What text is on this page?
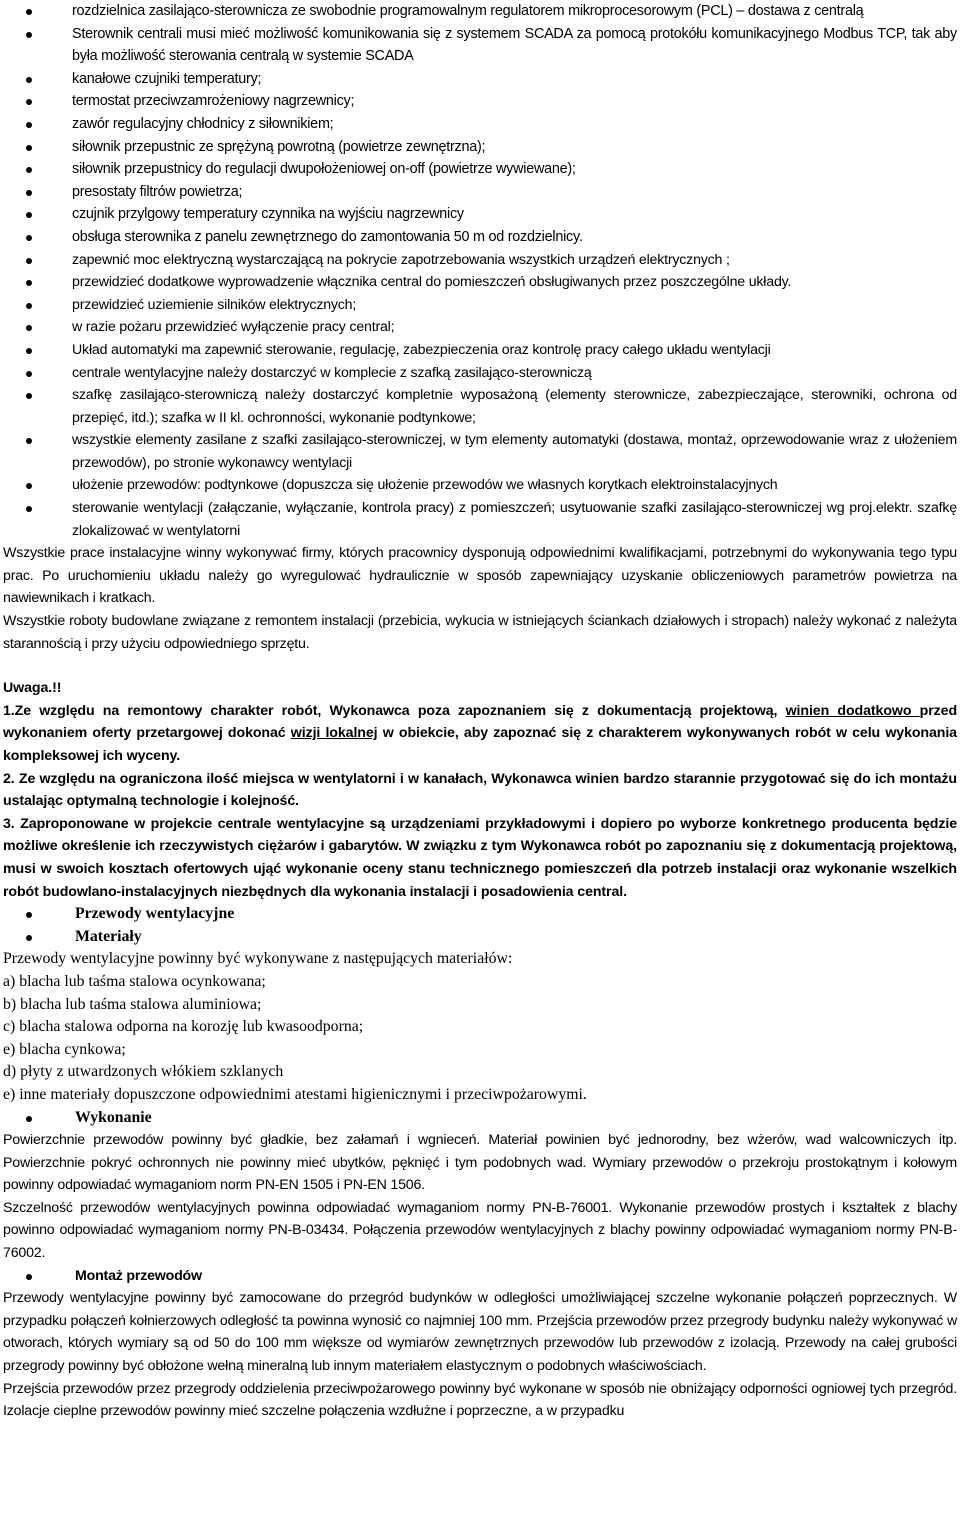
rozdzielnica zasilająco-sterownicza ze swobodnie programowalnym regulatorem mikroprocesorowym (PCL) – dostawa z centralą
Sterownik centrali musi mieć możliwość komunikowania się z systemem SCADA za pomocą protokółu komunikacyjnego Modbus TCP, tak aby była możliwość sterowania centralą w systemie SCADA
kanałowe czujniki temperatury;
termostat przeciwzamrożeniowy nagrzewnicy;
zawór regulacyjny chłodnicy z siłownikiem;
siłownik przepustnic ze sprężyną powrotną (powietrze zewnętrzna);
siłownik przepustnicy do regulacji dwupołożeniowej on-off (powietrze wywiewane);
presostaty filtrów powietrza;
czujnik przylgowy temperatury czynnika na wyjściu nagrzewnicy
obsługa sterownika z panelu zewnętrznego do zamontowania 50 m od rozdzielnicy.
zapewnić moc elektryczną wystarczającą na pokrycie zapotrzebowania wszystkich urządzeń elektrycznych ;
przewidzieć dodatkowe wyprowadzenie włącznika central do pomieszczeń obsługiwanych przez poszczególne układy.
przewidzieć uziemienie silników elektrycznych;
w razie pożaru przewidzieć wyłączenie pracy central;
Układ automatyki ma zapewnić sterowanie, regulację, zabezpieczenia oraz kontrolę pracy całego układu wentylacji
centrale wentylacyjne należy dostarczyć w komplecie z szafką zasilająco-sterowniczą
szafkę zasilająco-sterowniczą należy dostarczyć kompletnie wyposażoną (elementy sterownicze, zabezpieczające, sterowniki, ochrona od przepięć, itd.); szafka w II kl. ochronności, wykonanie podtynkowe;
wszystkie elementy zasilane z szafki zasilająco-sterowniczej, w tym elementy automatyki (dostawa, montaż, oprzewodowanie wraz z ułożeniem przewodów), po stronie wykonawcy wentylacji
ułożenie przewodów: podtynkowe (dopuszcza się ułożenie przewodów we własnych korytkach elektroinstalacyjnych
sterowanie wentylacji (załączanie, wyłączanie, kontrola pracy) z pomieszczeń; usytuowanie szafki zasilająco-sterowniczej wg proj.elektr. szafkę zlokalizować w wentylatorni

Wszystkie prace instalacyjne winny wykonywać firmy, których pracownicy dysponują odpowiednimi kwalifikacjami, potrzebnymi do wykonywania tego typu prac. Po uruchomieniu układu należy go wyregulować hydraulicznie w sposób zapewniający uzyskanie obliczeniowych parametrów powietrza na nawiewnikach i kratkach.

Wszystkie roboty budowlane związane z remontem instalacji (przebicia, wykucia w istniejących ściankach działowych i stropach) należy wykonać z należyta starannością i przy użyciu odpowiedniego sprzętu.

Uwaga.!!

1.Ze względu na remontowy charakter robót, Wykonawca poza zapoznaniem się z dokumentacją projektową, winien dodatkowo przed wykonaniem oferty przetargowej dokonać wizji lokalnej w obiekcie, aby zapoznać się z charakterem wykonywanych robót w celu wykonania kompleksowej ich wyceny.

2. Ze względu na ograniczona ilość miejsca w wentylatorni i w kanałach, Wykonawca winien bardzo starannie przygotować się do ich montażu ustalając optymalną technologie i kolejność.

3. Zaproponowane w projekcie centrale wentylacyjne są urządzeniami przykładowymi i dopiero po wyborze konkretnego producenta będzie możliwe określenie ich rzeczywistych ciężarów i gabarytów. W związku z tym Wykonawca robót po zapoznaniu się z dokumentacją projektową, musi w swoich kosztach ofertowych ująć wykonanie oceny stanu technicznego pomieszczeń dla potrzeb instalacji oraz wykonanie wszelkich robót budowlano-instalacyjnych niezbędnych dla wykonania instalacji i posadowienia central.

Przewody wentylacyjne
Materiały

Przewody wentylacyjne powinny być wykonywane z następujących materiałów:

a) blacha lub taśma stalowa ocynkowana;

b) blacha lub taśma stalowa aluminiowa;

c) blacha stalowa odporna na korozję lub kwasoodporna;

e) blacha cynkowa;

d) płyty z utwardzonych włókiem szklanych

e) inne materiały dopuszczone odpowiednimi atestami higienicznymi i przeciwpożarowymi.

Wykonanie

Powierzchnie przewodów powinny być gładkie, bez załamań i wgnieceń. Materiał powinien być jednorodny, bez wżerów, wad walcowniczych itp. Powierzchnie pokryć ochronnych nie powinny mieć ubytków, pęknięć i tym podobnych wad. Wymiary przewodów o przekroju prostokątnym i kołowym powinny odpowiadać wymaganiom norm PN-EN 1505 i PN-EN 1506.

Szczelność przewodów wentylacyjnych powinna odpowiadać wymaganiom normy PN-B-76001. Wykonanie przewodów prostych i kształtek z blachy powinno odpowiadać wymaganiom normy PN-B-03434. Połączenia przewodów wentylacyjnych z blachy powinny odpowiadać wymaganiom normy PN-B-76002.

Montaż przewodów

Przewody wentylacyjne powinny być zamocowane do przegród budynków w odległości umożliwiającej szczelne wykonanie połączeń poprzecznych. W przypadku połączeń kołnierzowych odległość ta powinna wynosić co najmniej 100 mm. Przejścia przewodów przez przegrody budynku należy wykonywać w otworach, których wymiary są od 50 do 100 mm większe od wymiarów zewnętrznych przewodów lub przewodów z izolacją. Przewody na całej grubości przegrody powinny być obłożone wełną mineralną lub innym materiałem elastycznym o podobnych właściwościach.

Przejścia przewodów przez przegrody oddzielenia przeciwpożarowego powinny być wykonane w sposób nie obniżający odporności ogniowej tych przegród. Izolacje cieplne przewodów powinny mieć szczelne połączenia wzdłużne i poprzeczne, a w przypadku
